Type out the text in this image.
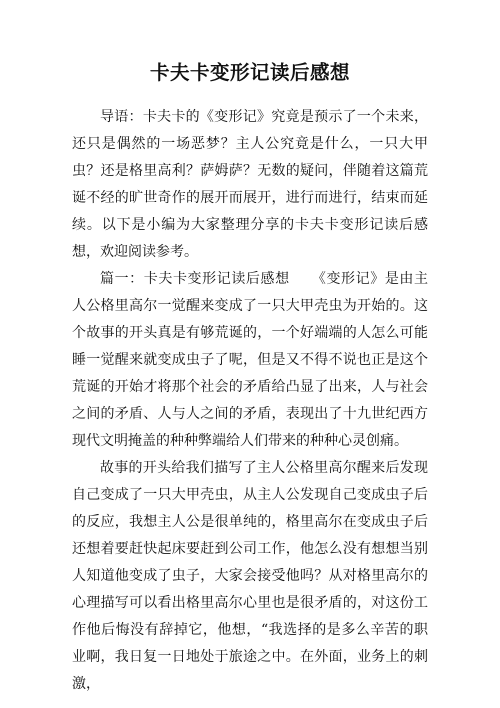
卡夫卡变形记读后感想

导语：卡夫卡的《变形记》究竟是预示了一个未来，还只是偶然的一场恶梦？主人公究竟是什么，一只大甲虫？还是格里高利？萨姆萨？无数的疑问，伴随着这篇荒诞不经的旷世奇作的展开而展开，进行而进行，结束而延续。以下是小编为大家整理分享的卡夫卡变形记读后感想，欢迎阅读参考。

篇一：卡夫卡变形记读后感想　　《变形记》是由主人公格里高尔一觉醒来变成了一只大甲壳虫为开始的。这个故事的开头真是有够荒诞的，一个好端端的人怎么可能睡一觉醒来就变成虫子了呢，但是又不得不说也正是这个荒诞的开始才将那个社会的矛盾给凸显了出来，人与社会之间的矛盾、人与人之间的矛盾，表现出了十九世纪西方现代文明掩盖的种种弊端给人们带来的种种心灵创痛。

故事的开头给我们描写了主人公格里高尔醒来后发现自己变成了一只大甲壳虫，从主人公发现自己变成虫子后的反应，我想主人公是很单纯的，格里高尔在变成虫子后还想着要赶快起床要赶到公司工作，他怎么没有想想当别人知道他变成了虫子，大家会接受他吗？从对格里高尔的心理描写可以看出格里高尔心里也是很矛盾的，对这份工作他后悔没有辞掉它，他想，“我选择的是多么辛苦的职业啊，我日复一日地处于旅途之中。在外面，业务上的刺激，
